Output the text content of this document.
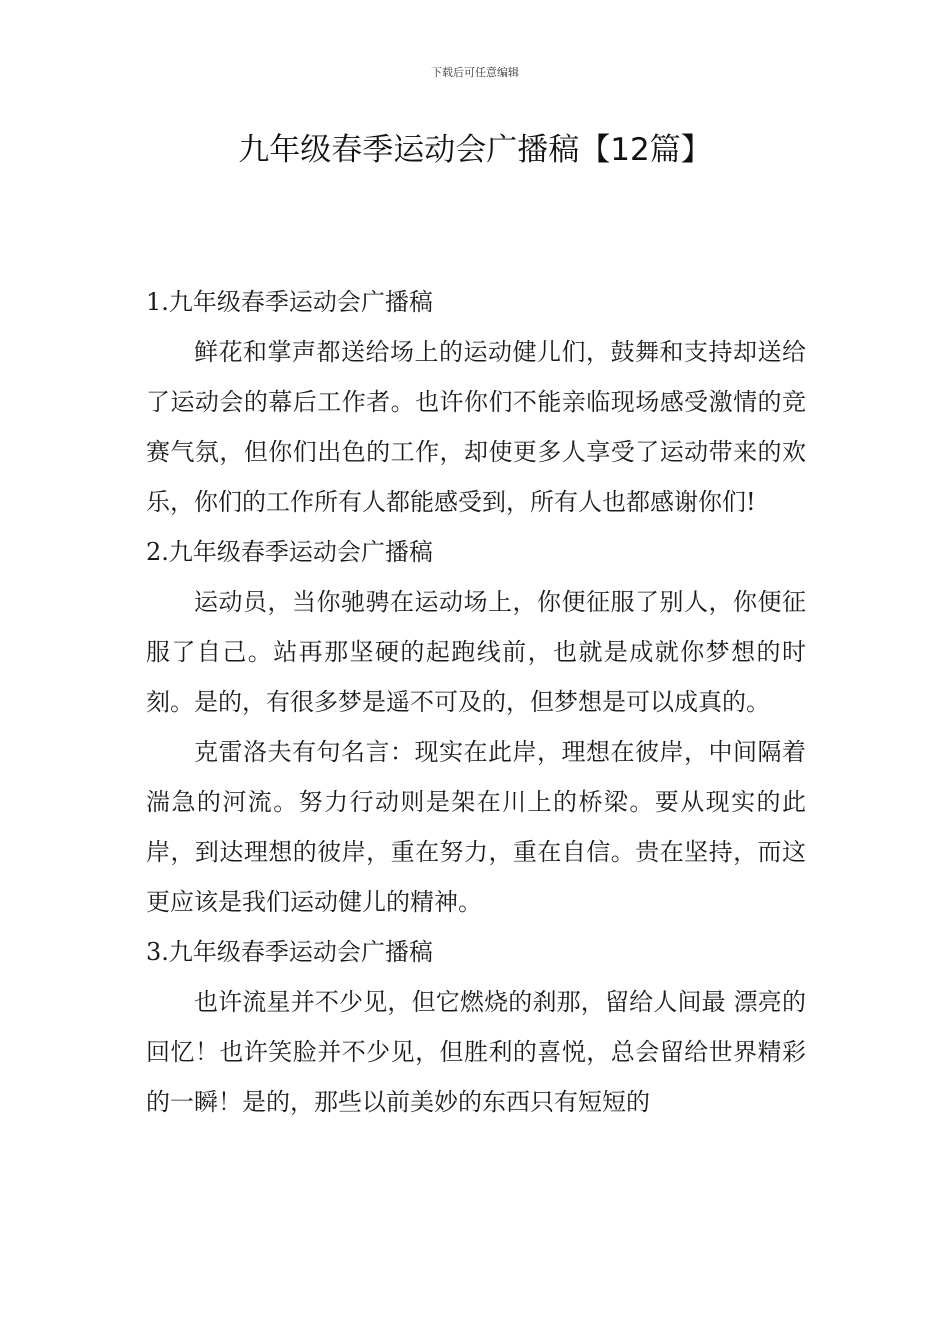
下载后可任意编辑
九年级春季运动会广播稿【12篇】
1.九年级春季运动会广播稿

鲜花和掌声都送给场上的运动健儿们，鼓舞和支持却送给了运动会的幕后工作者。也许你们不能亲临现场感受激情的竞赛气氛，但你们出色的工作，却使更多人享受了运动带来的欢乐，你们的工作所有人都能感受到，所有人也都感谢你们!

2.九年级春季运动会广播稿

运动员，当你驰骋在运动场上，你便征服了别人，你便征服了自己。站再那坚硬的起跑线前，也就是成就你梦想的时刻。是的，有很多梦是遥不可及的，但梦想是可以成真的。

克雷洛夫有句名言：现实在此岸，理想在彼岸，中间隔着湍急的河流。努力行动则是架在川上的桥梁。要从现实的此岸，到达理想的彼岸，重在努力，重在自信。贵在坚持，而这更应该是我们运动健儿的精神。

3.九年级春季运动会广播稿

也许流星并不少见，但它燃烧的刹那，留给人间最 漂亮的回忆！也许笑脸并不少见，但胜利的喜悦，总会留给世界精彩的一瞬！是的，那些以前美妙的东西只有短短的
